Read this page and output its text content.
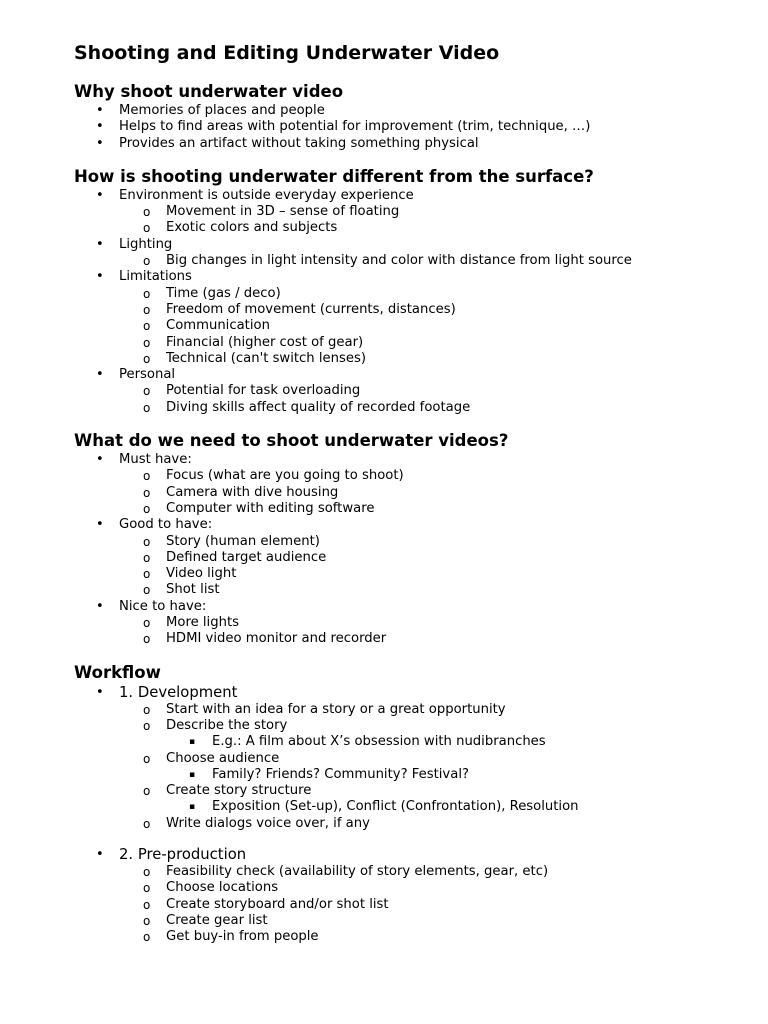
Shooting and Editing Underwater Video
Why shoot underwater video
•	Memories of places and people
•	Helps to find areas with potential for improvement (trim, technique, …)
•	Provides an artifact without taking something physical
How is shooting underwater different from the surface?
•	Environment is outside everyday experience
o	Movement in 3D – sense of floating
o	Exotic colors and subjects
•	Lighting
o	Big changes in light intensity and color with distance from light source
•	Limitations
o	Time (gas / deco)
o	Freedom of movement (currents, distances)
o	Communication
o	Financial (higher cost of gear)
o	Technical (can't switch lenses)
•	Personal
o	Potential for task overloading
o	Diving skills affect quality of recorded footage
What do we need to shoot underwater videos?
•	Must have:
o	Focus (what are you going to shoot)
o	Camera with dive housing
o	Computer with editing software
•	Good to have:
o	Story (human element)
o	Defined target audience
o	Video light
o	Shot list
•	Nice to have:
o	More lights
o	HDMI video monitor and recorder
Workflow
•	1. Development
o	Start with an idea for a story or a great opportunity
o	Describe the story
▪	E.g.: A film about X’s obsession with nudibranches
o	Choose audience
▪	Family? Friends? Community? Festival?
o	Create story structure
▪	Exposition (Set-up), Conflict (Confrontation), Resolution
o	Write dialogs voice over, if any
•	2. Pre-production
o	Feasibility check (availability of story elements, gear, etc)
o	Choose locations
o	Create storyboard and/or shot list
o	Create gear list
o	Get buy-in from people
